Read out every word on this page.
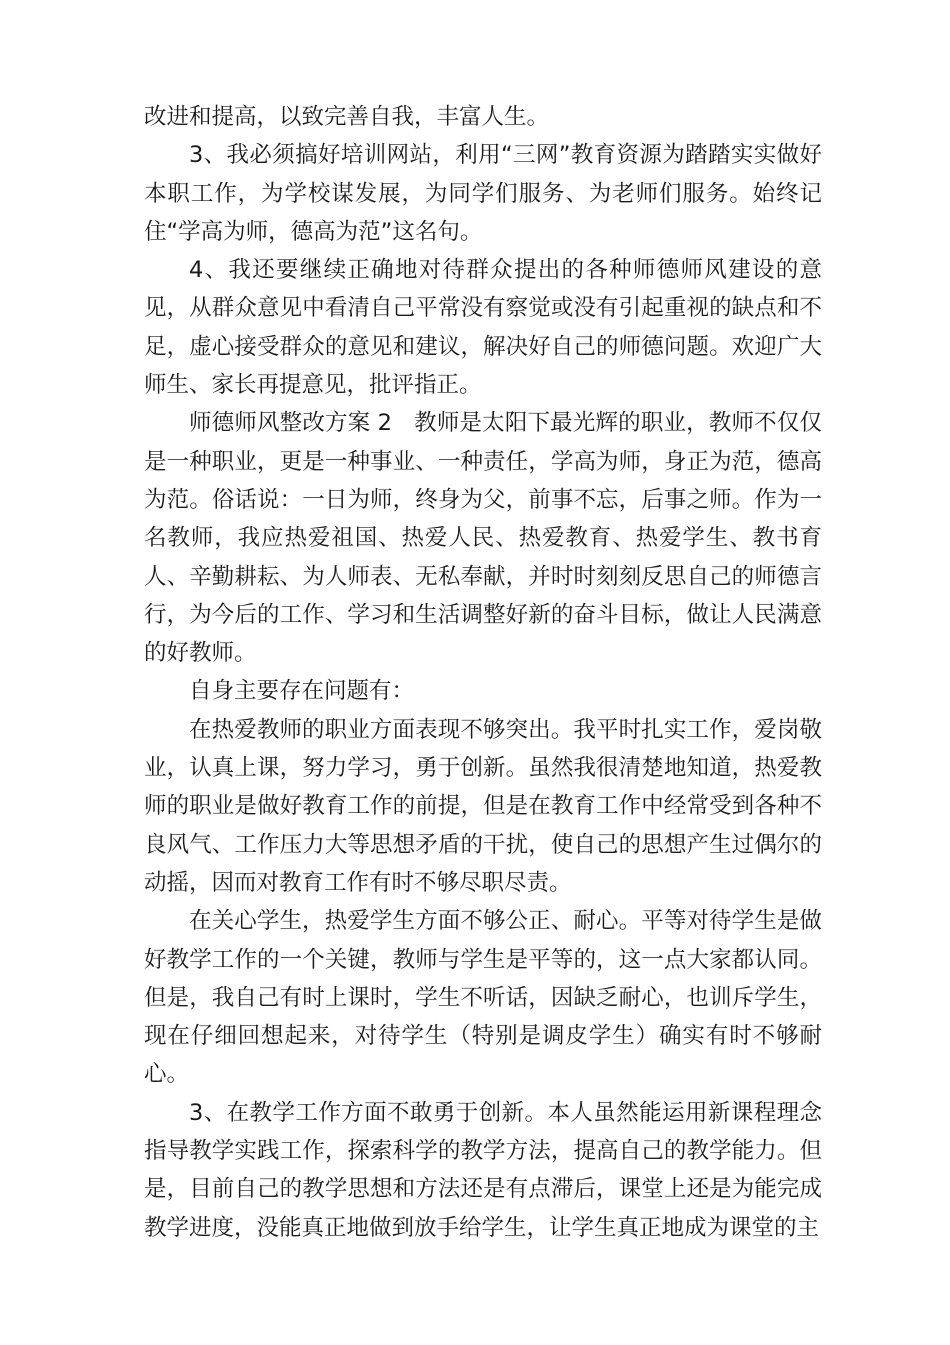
改进和提高，以致完善自我，丰富人生。

3、我必须搞好培训网站，利用“三网”教育资源为踏踏实实做好本职工作，为学校谋发展，为同学们服务、为老师们服务。始终记住“学高为师，德高为范”这名句。

4、我还要继续正确地对待群众提出的各种师德师风建设的意见，从群众意见中看清自己平常没有察觉或没有引起重视的缺点和不足，虚心接受群众的意见和建议，解决好自己的师德问题。欢迎广大师生、家长再提意见，批评指正。

师德师风整改方案 2 教师是太阳下最光辉的职业，教师不仅仅是一种职业，更是一种事业、一种责任，学高为师，身正为范，德高为范。俗话说：一日为师，终身为父，前事不忘，后事之师。作为一名教师，我应热爱祖国、热爱人民、热爱教育、热爱学生、教书育人、辛勤耕耘、为人师表、无私奉献，并时时刻刻反思自己的师德言行，为今后的工作、学习和生活调整好新的奋斗目标，做让人民满意的好教师。

自身主要存在问题有：

在热爱教师的职业方面表现不够突出。我平时扎实工作，爱岗敬业，认真上课，努力学习，勇于创新。虽然我很清楚地知道，热爱教师的职业是做好教育工作的前提，但是在教育工作中经常受到各种不良风气、工作压力大等思想矛盾的干扰，使自己的思想产生过偶尔的动摇，因而对教育工作有时不够尽职尽责。

在关心学生，热爱学生方面不够公正、耐心。平等对待学生是做好教学工作的一个关键，教师与学生是平等的，这一点大家都认同。但是，我自己有时上课时，学生不听话，因缺乏耐心，也训斥学生，现在仔细回想起来，对待学生（特别是调皮学生）确实有时不够耐心。

3、在教学工作方面不敢勇于创新。本人虽然能运用新课程理念指导教学实践工作，探索科学的教学方法，提高自己的教学能力。但是，目前自己的教学思想和方法还是有点滞后，课堂上还是为能完成教学进度，没能真正地做到放手给学生，让学生真正地成为课堂的主
